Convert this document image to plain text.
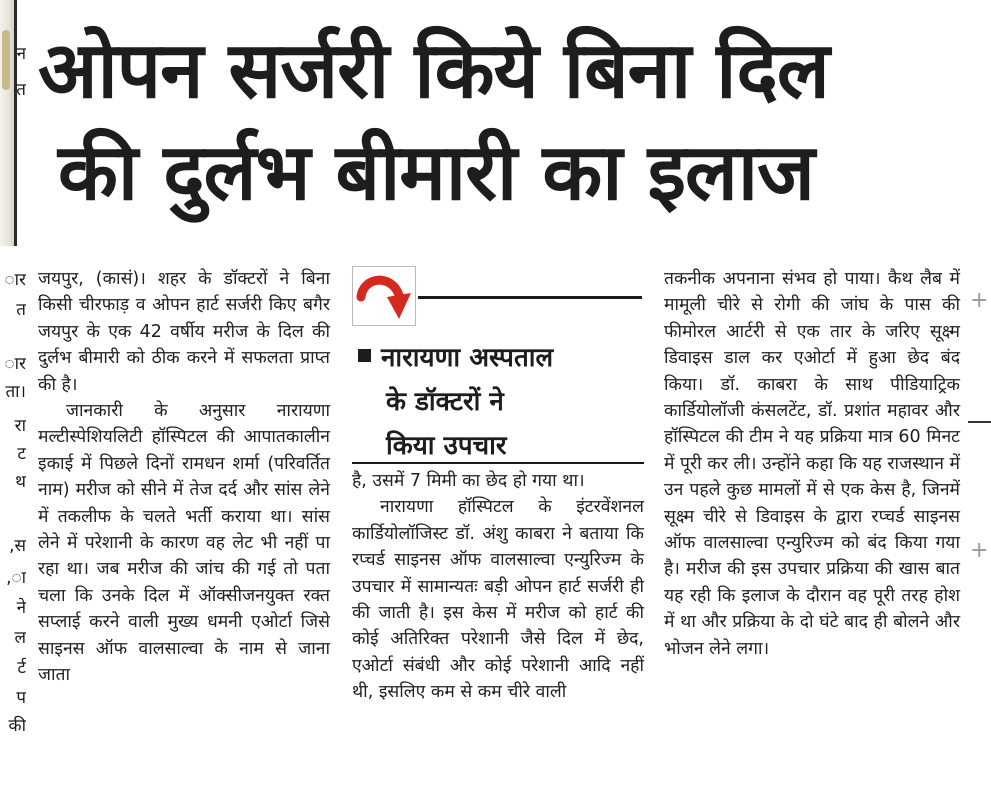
न
त
ार
त
ार
ता।
रा
ट
थ
स,
ा,
ने
ल
र्ट
प
की
ओपन सर्जरी किये बिना दिल
की दुर्लभ बीमारी का इलाज

जयपुर, (कासं)। शहर के डॉक्टरों ने बिना किसी चीरफाड़ व ओपन हार्ट सर्जरी किए बगैर जयपुर के एक 42 वर्षीय मरीज के दिल की दुर्लभ बीमारी को ठीक करने में सफलता प्राप्त की है।

जानकारी के अनुसार नारायणा मल्टीस्पेशियलिटी हॉस्पिटल की आपातकालीन इकाई में पिछले दिनों रामधन शर्मा (परिवर्तित नाम) मरीज को सीने में तेज दर्द और सांस लेने में तकलीफ के चलते भर्ती कराया था। सांस लेने में परेशानी के कारण वह लेट भी नहीं पा रहा था। जब मरीज की जांच की गई तो पता चला कि उनके दिल में ऑक्सीजनयुक्त रक्त सप्लाई करने वाली मुख्य धमनी एओर्टा जिसे साइनस ऑफ वालसाल्वा के नाम से जाना जाता

नारायणा अस्पताल
के डॉक्टरों ने
किया उपचार

है, उसमें 7 मिमी का छेद हो गया था।

नारायणा हॉस्पिटल के इंटरवेंशनल कार्डियोलॉजिस्ट डॉ. अंशु काबरा ने बताया कि रप्चर्ड साइनस ऑफ वालसाल्वा एन्युरिज्म के उपचार में सामान्यतः बड़ी ओपन हार्ट सर्जरी ही की जाती है। इस केस में मरीज को हार्ट की कोई अतिरिक्त परेशानी जैसे दिल में छेद, एओर्टा संबंधी और कोई परेशानी आदि नहीं थी, इसलिए कम से कम चीरे वाली

तकनीक अपनाना संभव हो पाया। कैथ लैब में मामूली चीरे से रोगी की जांघ के पास की फीमोरल आर्टरी से एक तार के जरिए सूक्ष्म डिवाइस डाल कर एओर्टा में हुआ छेद बंद किया। डॉ. काबरा के साथ पीडियाट्रिक कार्डियोलॉजी कंसलटेंट, डॉ. प्रशांत महावर और हॉस्पिटल की टीम ने यह प्रक्रिया मात्र 60 मिनट में पूरी कर ली। उन्होंने कहा कि यह राजस्थान में उन पहले कुछ मामलों में से एक केस है, जिनमें सूक्ष्म चीरे से डिवाइस के द्वारा रप्चर्ड साइनस ऑफ वालसाल्वा एन्युरिज्म को बंद किया गया है। मरीज की इस उपचार प्रक्रिया की खास बात यह रही कि इलाज के दौरान वह पूरी तरह होश में था और प्रक्रिया के दो घंटे बाद ही बोलने और भोजन लेने लगा।

+
+
